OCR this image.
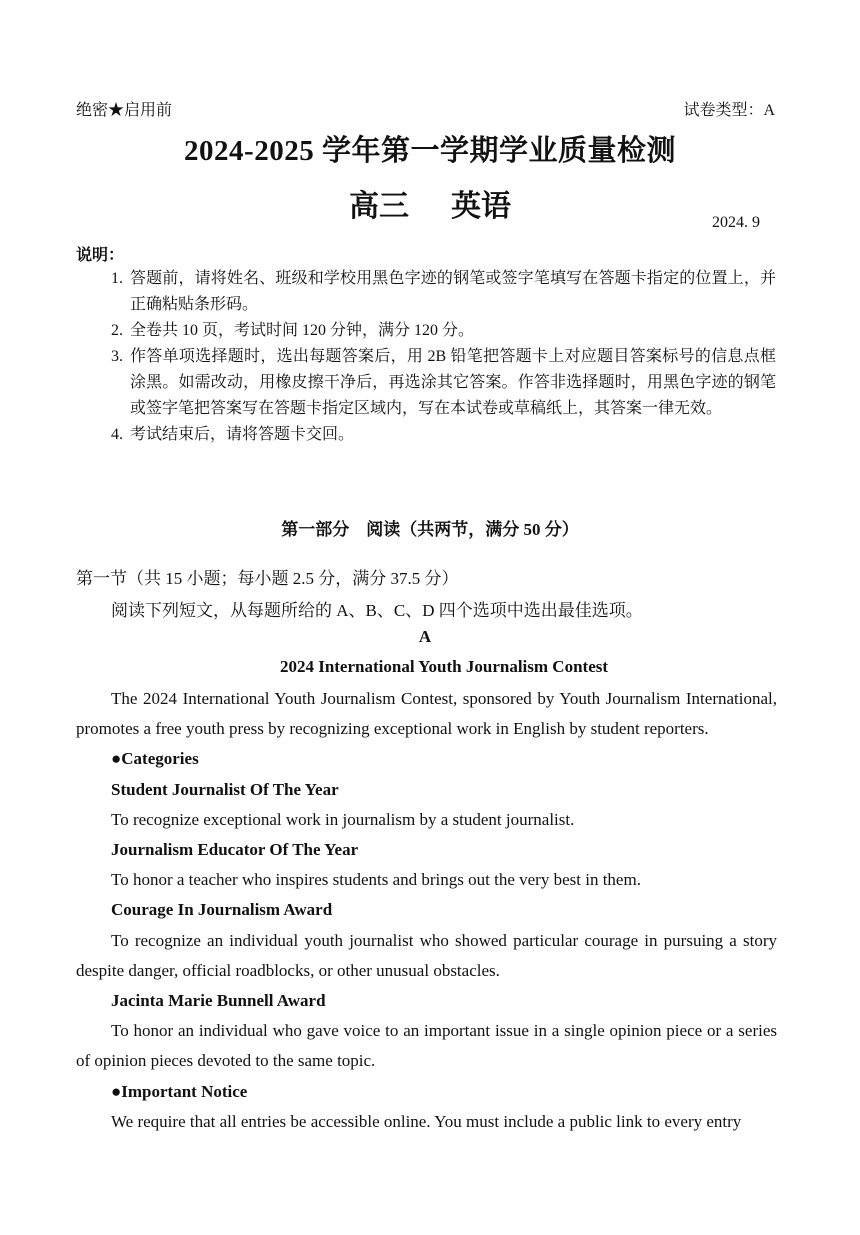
绝密★启用前	试卷类型：A
2024-2025 学年第一学期学业质量检测
高三 英语	2024. 9
说明：
1. 答题前，请将姓名、班级和学校用黑色字迹的钢笔或签字笔填写在答题卡指定的位置上，并正确粘贴条形码。
2. 全卷共 10 页，考试时间 120 分钟，满分 120 分。
3. 作答单项选择题时，选出每题答案后，用 2B 铅笔把答题卡上对应题目答案标号的信息点框涂黑。如需改动，用橡皮擦干净后，再选涂其它答案。作答非选择题时，用黑色字迹的钢笔或签字笔把答案写在答题卡指定区域内，写在本试卷或草稿纸上，其答案一律无效。
4. 考试结束后，请将答题卡交回。
第一部分　阅读（共两节，满分 50 分）
第一节（共 15 小题；每小题 2.5 分，满分 37.5 分）
阅读下列短文，从每题所给的 A、B、C、D 四个选项中选出最佳选项。
A
2024 International Youth Journalism Contest

The 2024 International Youth Journalism Contest, sponsored by Youth Journalism International, promotes a free youth press by recognizing exceptional work in English by student reporters.

●Categories

Student Journalist Of The Year

To recognize exceptional work in journalism by a student journalist.

Journalism Educator Of The Year

To honor a teacher who inspires students and brings out the very best in them.

Courage In Journalism Award

To recognize an individual youth journalist who showed particular courage in pursuing a story despite danger, official roadblocks, or other unusual obstacles.

Jacinta Marie Bunnell Award

To honor an individual who gave voice to an important issue in a single opinion piece or a series of opinion pieces devoted to the same topic.

●Important Notice

We require that all entries be accessible online. You must include a public link to every entry
